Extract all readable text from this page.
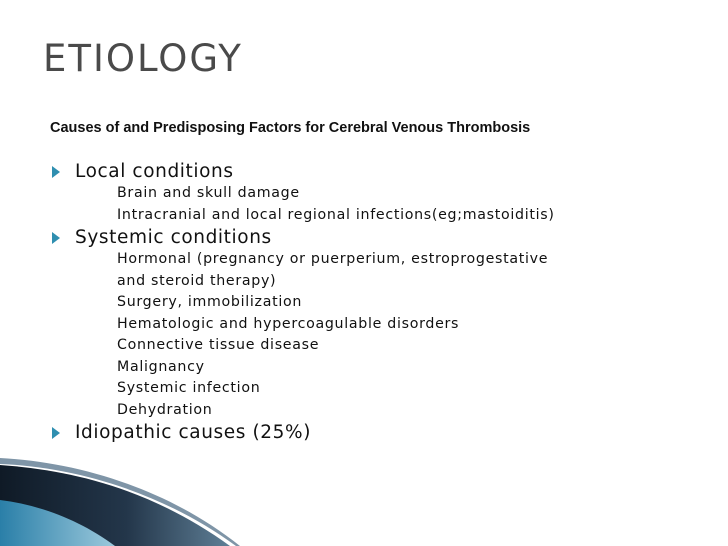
ETIOLOGY
Causes of and Predisposing Factors for Cerebral Venous Thrombosis
Local conditions
Brain and skull damage
Intracranial and local regional infections(eg;mastoiditis)
Systemic conditions
Hormonal (pregnancy or puerperium, estroprogestative
and steroid therapy)
Surgery, immobilization
Hematologic and hypercoagulable disorders
Connective tissue disease
Malignancy
Systemic infection
Dehydration
Idiopathic causes (25%)
